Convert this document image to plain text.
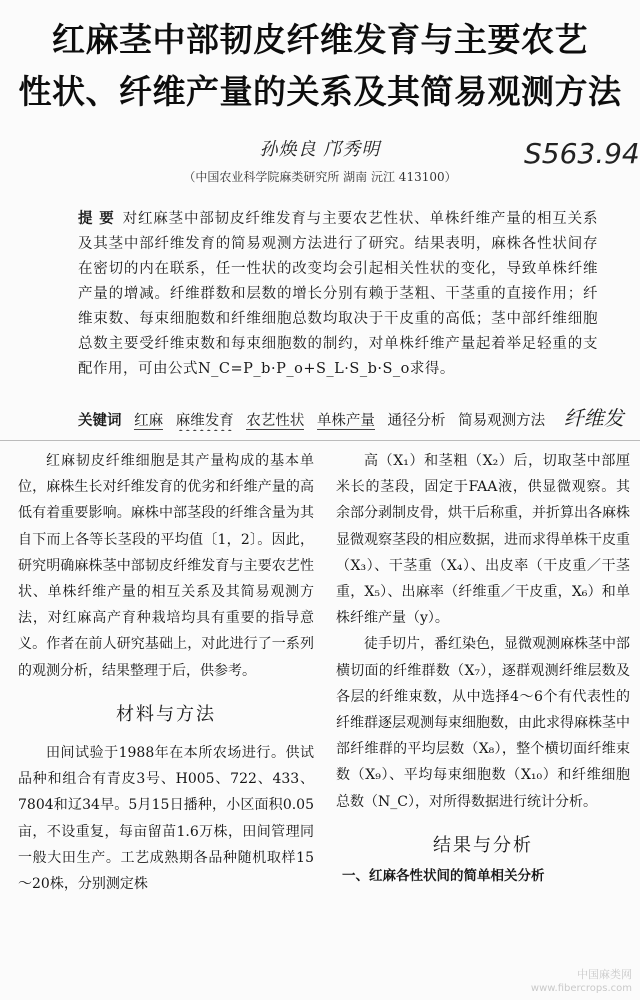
红麻茎中部韧皮纤维发育与主要农艺
性状、纤维产量的关系及其简易观测方法
孙焕良 邝秀明	S563.94
（中国农业科学院麻类研究所 湖南 沅江 413100）
提 要 对红麻茎中部韧皮纤维发育与主要农艺性状、单株纤维产量的相互关系及其茎中部纤维发育的简易观测方法进行了研究。结果表明，麻株各性状间存在密切的内在联系，任一性状的改变均会引起相关性状的变化，导致单株纤维产量的增减。纤维群数和层数的增长分别有赖于茎粗、干茎重的直接作用；纤维束数、每束细胞数和纤维细胞总数均取决于干皮重的高低；茎中部纤维细胞总数主要受纤维束数和每束细胞数的制约，对单株纤维产量起着举足轻重的支配作用，可由公式N_C=P_b·P_o+S_L·S_b·S_o求得。
关键词 红麻 麻维发育 农艺性状 单株产量 通径分析 简易观测方法 纤维发

红麻韧皮纤维细胞是其产量构成的基本单位，麻株生长对纤维发育的优劣和纤维产量的高低有着重要影响。麻株中部茎段的纤维含量为其自下而上各等长茎段的平均值〔1，2〕。因此，研究明确麻株茎中部韧皮纤维发育与主要农艺性状、单株纤维产量的相互关系及其简易观测方法，对红麻高产育种栽培均具有重要的指导意义。作者在前人研究基础上，对此进行了一系列的观测分析，结果整理于后，供参考。

材料与方法

田间试验于1988年在本所农场进行。供试品种和组合有青皮3号、H005、722、433、7804和辽34早。5月15日播种，小区面积0.05亩，不设重复，每亩留苗1.6万株，田间管理同一般大田生产。工艺成熟期各品种随机取样15～20株，分别测定株

高（X₁）和茎粗（X₂）后，切取茎中部厘米长的茎段，固定于FAA液，供显微观察。其余部分剥制皮骨，烘干后称重，并折算出各麻株显微观察茎段的相应数据，进而求得单株干皮重（X₃）、干茎重（X₄）、出皮率（干皮重／干茎重，X₅）、出麻率（纤维重／干皮重，X₆）和单株纤维产量（y）。

徒手切片，番红染色，显微观测麻株茎中部横切面的纤维群数（X₇），逐群观测纤维层数及各层的纤维束数，从中选择4～6个有代表性的纤维群逐层观测每束细胞数，由此求得麻株茎中部纤维群的平均层数（X₈），整个横切面纤维束数（X₉）、平均每束细胞数（X₁₀）和纤维细胞总数（N_C），对所得数据进行统计分析。

结果与分析
一、红麻各性状间的简单相关分析
中国麻类网
www.fibercrops.com
